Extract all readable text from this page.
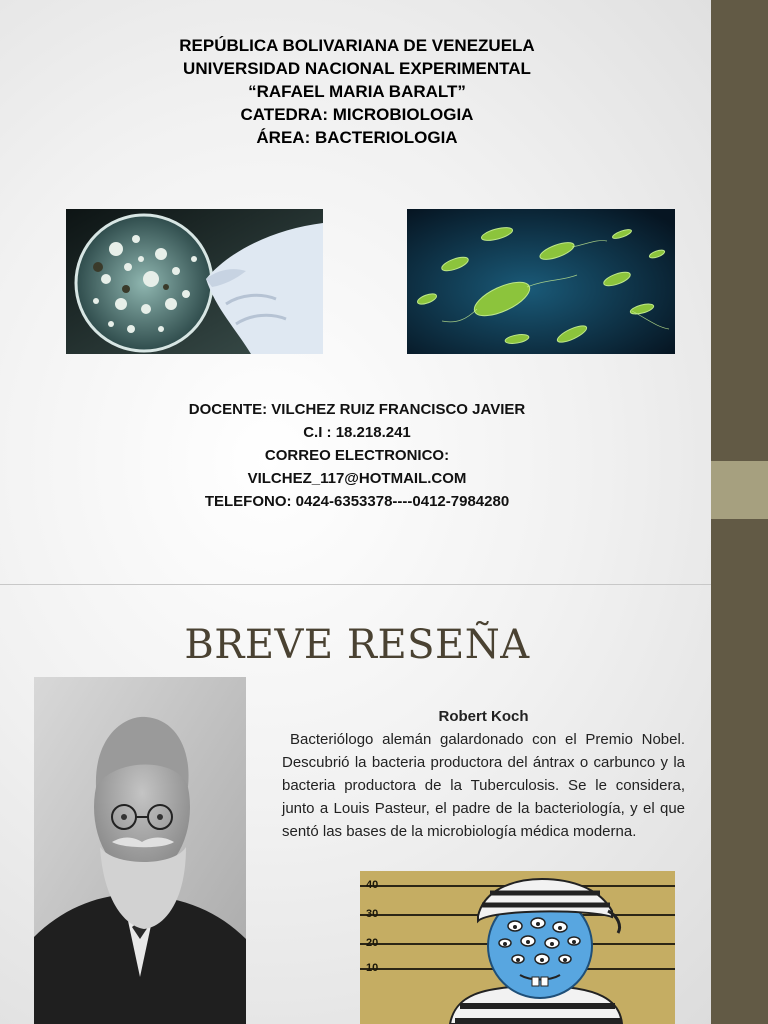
REPÚBLICA BOLIVARIANA DE VENEZUELA
UNIVERSIDAD NACIONAL EXPERIMENTAL
“RAFAEL MARIA BARALT”
CATEDRA: MICROBIOLOGIA
ÁREA: BACTERIOLOGIA
DOCENTE: VILCHEZ RUIZ FRANCISCO JAVIER
C.I : 18.218.241
CORREO ELECTRONICO:
VILCHEZ_117@HOTMAIL.COM
TELEFONO: 0424-6353378----0412-7984280
BREVE RESEÑA
Robert Koch
Bacteriólogo alemán galardonado con el Premio Nobel. Descubrió la bacteria productora del ántrax o carbunco y la bacteria productora de la Tuberculosis. Se le considera, junto a Louis Pasteur, el padre de la bacteriología, y el que sentó las bases de la microbiología médica moderna.
40
30
20
10
